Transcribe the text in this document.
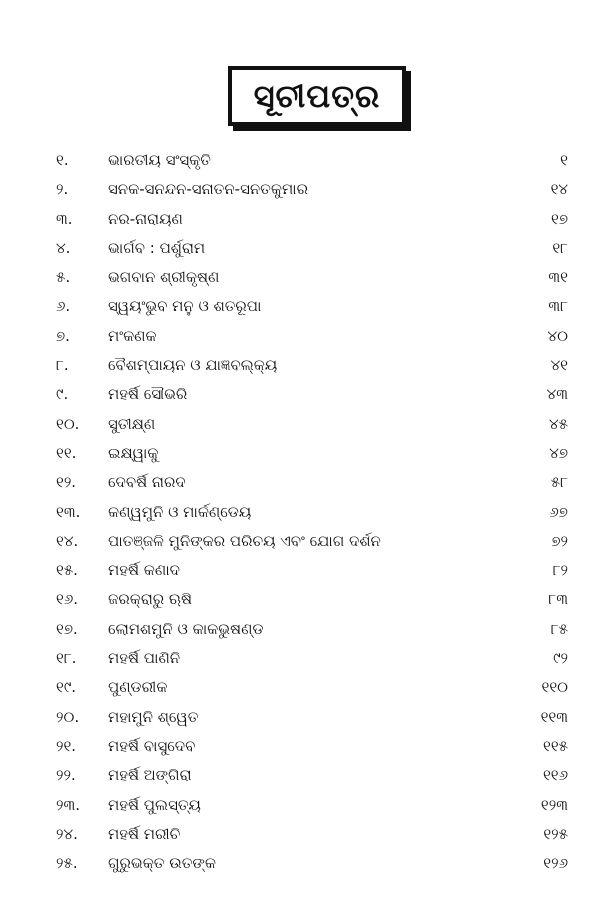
ସୂଚୀପତ୍ର
୧.	ଭାରତୀୟ ସଂସ୍କୃତି	୧
୨.	ସନକ-ସନନ୍ଦନ-ସନାତନ-ସନତକୁମାର	୧୪
୩.	ନର-ନାରାୟଣ	୧୭
୪.	ଭାର୍ଗବ : ପର୍ଶୁରାମ	୧୮
୫.	ଭଗବାନ ଶ୍ରୀକୃଷ୍ଣ	୩୧
୬.	ସ୍ୱୟଂଭୁବ ମନୁ ଓ ଶତରୂପା	୩୮
୭.	ମଂକଣକ	୪୦
୮.	ବୈଶମ୍ପାୟନ ଓ ଯାଜ୍ଞବଲ୍କ୍ୟ	୪୧
୯.	ମହର୍ଷି ସୌଭରି	୪୩
୧୦.	ସୁତୀକ୍ଷ୍ଣ	୪୫
୧୧.	ଇକ୍ଷ୍ୱାକୁ	୪୭
୧୨.	ଦେବର୍ଷି ନାରଦ	୫୮
୧୩.	କଣ୍ୱମୁନି ଓ ମାର୍କଣ୍ଡେୟ	୬୭
୧୪.	ପାତଞ୍ଜଳି ମୁନିଙ୍କର ପରିଚୟ ଏବଂ ଯୋଗ ଦର୍ଶନ	୭୨
୧୫.	ମହର୍ଷି କଣାଦ	୮୨
୧୬.	ଜରକ୍ରାରୁ ଋଷି	୮୩
୧୭.	ଲୋମଶମୁନି ଓ କାକଭୁଷଣ୍ଡ	୮୫
୧୮.	ମହର୍ଷି ପାଣିନି	୯୨
୧୯.	ପୁଣ୍ଡରୀକ	୧୧୦
୨୦.	ମହାମୁନି ଶ୍ୱେତ	୧୧୩
୨୧.	ମହର୍ଷି ବାସୁଦେବ	୧୧୫
୨୨.	ମହର୍ଷି ଅଙ୍ଗିରା	୧୧୬
୨୩.	ମହର୍ଷି ପୁଲସ୍ତ୍ୟ	୧୨୩
୨୪.	ମହର୍ଷି ମରୀଚି	୧୨୫
୨୫.	ଗୁରୁଭକ୍ତ ଉତଙ୍କ	୧୨୬
